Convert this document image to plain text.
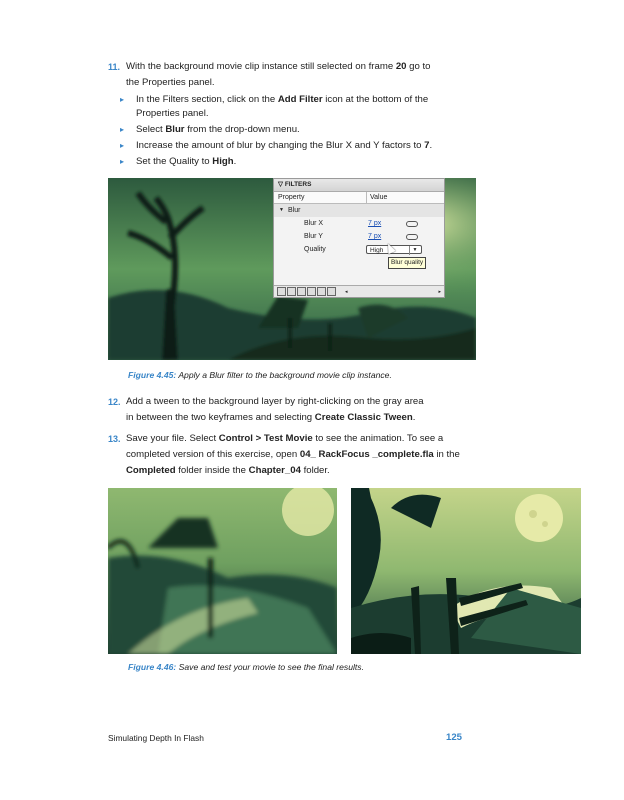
11. With the background movie clip instance still selected on frame 20 go to
the Properties panel.
▸ In the Filters section, click on the Add Filter icon at the bottom of the
Properties panel.
▸ Select Blur from the drop-down menu.
▸ Increase the amount of blur by changing the Blur X and Y factors to 7.
▸ Set the Quality to High.
▽ FILTERS
Property	Value
▼ Blur
Blur X	7 px
Blur Y	7 px
Quality	High	▼
Blur quality
◂	▸
Figure 4.45: Apply a Blur filter to the background movie clip instance.
12. Add a tween to the background layer by right-clicking on the gray area
in between the two keyframes and selecting Create Classic Tween.
13. Save your file. Select Control > Test Movie to see the animation. To see a
completed version of this exercise, open 04_ RackFocus _complete.fla in the
Completed folder inside the Chapter_04 folder.
Figure 4.46: Save and test your movie to see the final results.
Simulating Depth In Flash	125
